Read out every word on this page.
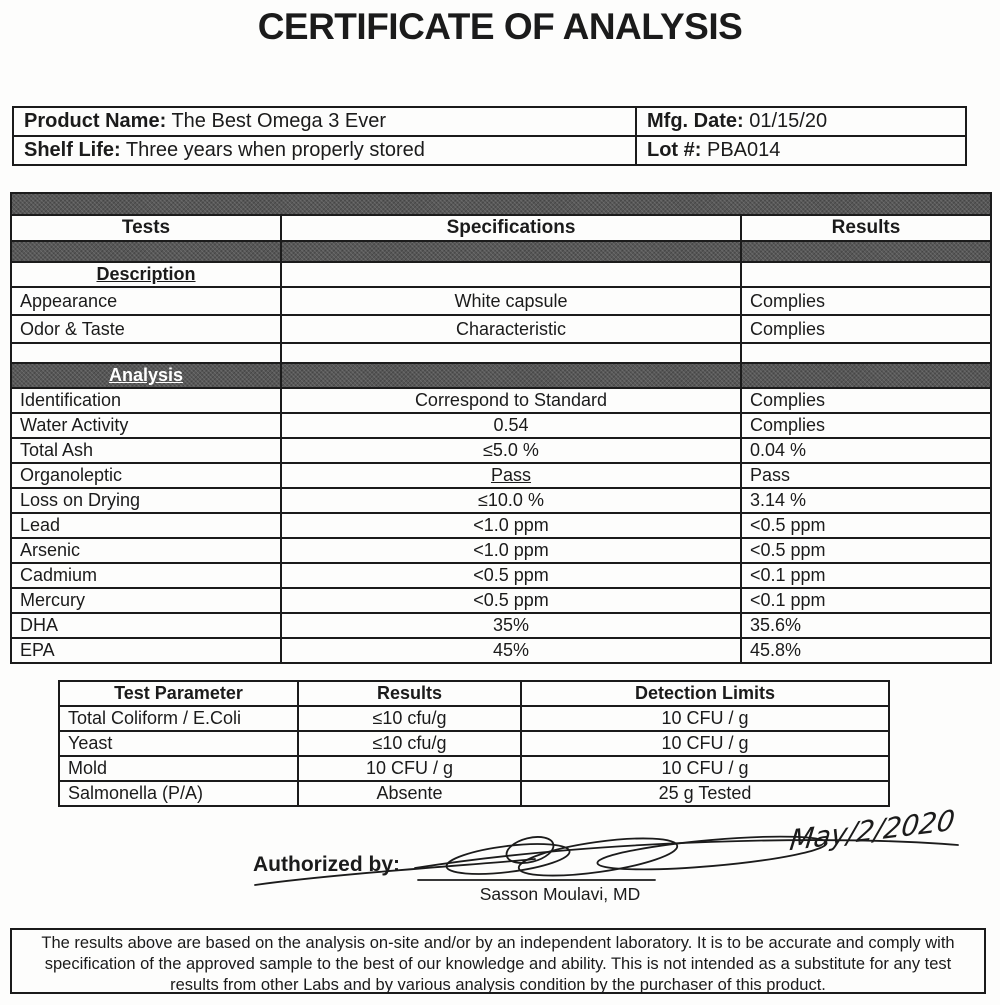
CERTIFICATE OF ANALYSIS
Product Name: The Best Omega 3 Ever	Mfg. Date: 01/15/20
Shelf Life: Three years when properly stored	Lot #: PBA014

Tests	Specifications	Results

Description		
Appearance	White capsule	Complies
Odor & Taste	Characteristic	Complies

Analysis		
Identification	Correspond to Standard	Complies
Water Activity	0.54	Complies
Total Ash	≤5.0 %	0.04 %
Organoleptic	Pass	Pass
Loss on Drying	≤10.0 %	3.14 %
Lead	<1.0 ppm	<0.5 ppm
Arsenic	<1.0 ppm	<0.5 ppm
Cadmium	<0.5 ppm	<0.1 ppm
Mercury	<0.5 ppm	<0.1 ppm
DHA	35%	35.6%
EPA	45%	45.8%
Test Parameter	Results	Detection Limits
Total Coliform / E.Coli	≤10 cfu/g	10 CFU / g
Yeast	≤10 cfu/g	10 CFU / g
Mold	10 CFU / g	10 CFU / g
Salmonella (P/A)	Absente	25 g Tested
Authorized by:
May/2/2020
Sasson Moulavi, MD
The results above are based on the analysis on-site and/or by an independent laboratory. It is to be accurate and comply with specification of the approved sample to the best of our knowledge and ability. This is not intended as a substitute for any test results from other Labs and by various analysis condition by the purchaser of this product.
